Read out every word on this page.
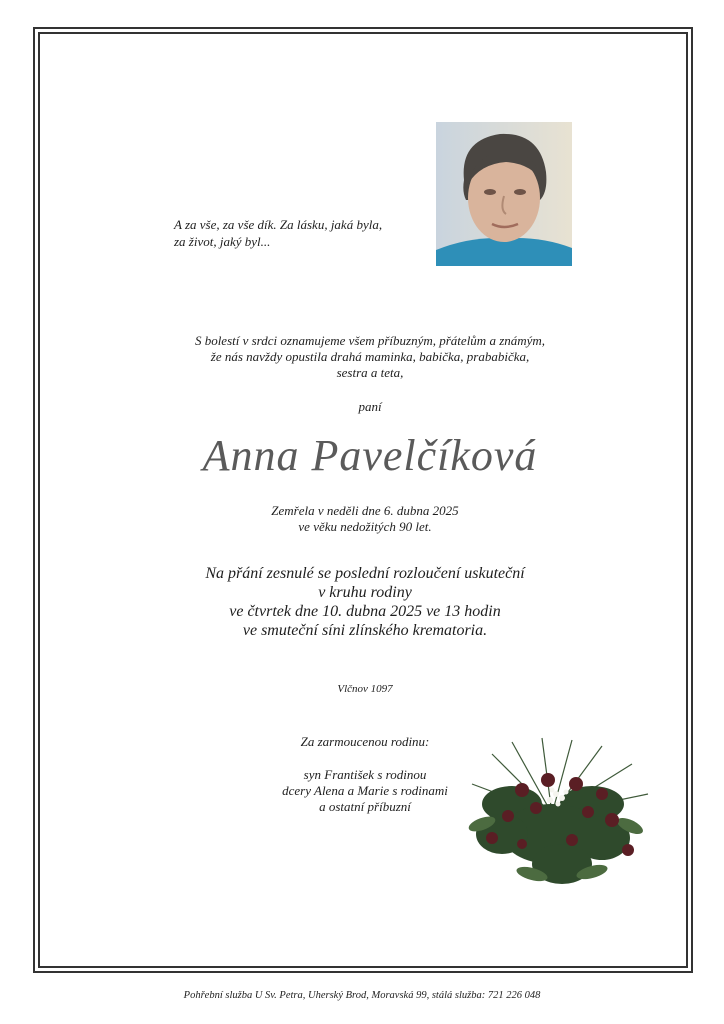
A za vše, za vše dík. Za lásku, jaká byla,
za život, jaký byl...

S bolestí v srdci oznamujeme všem příbuzným, přátelům a známým,
že nás navždy opustila drahá maminka, babička, prababička,
sestra a teta,

paní

Anna Pavelčíková

Zemřela v neděli dne 6. dubna 2025
ve věku nedožitých 90 let.

Na přání zesnulé se poslední rozloučení uskuteční
v kruhu rodiny
ve čtvrtek dne 10. dubna 2025 ve 13 hodin
ve smuteční síni zlínského krematoria.

Vlčnov 1097

Za zarmoucenou rodinu:

syn František s rodinou
dcery Alena a Marie s rodinami
a ostatní příbuzní

Pohřební služba U Sv. Petra, Uherský Brod, Moravská 99, stálá služba: 721 226 048
